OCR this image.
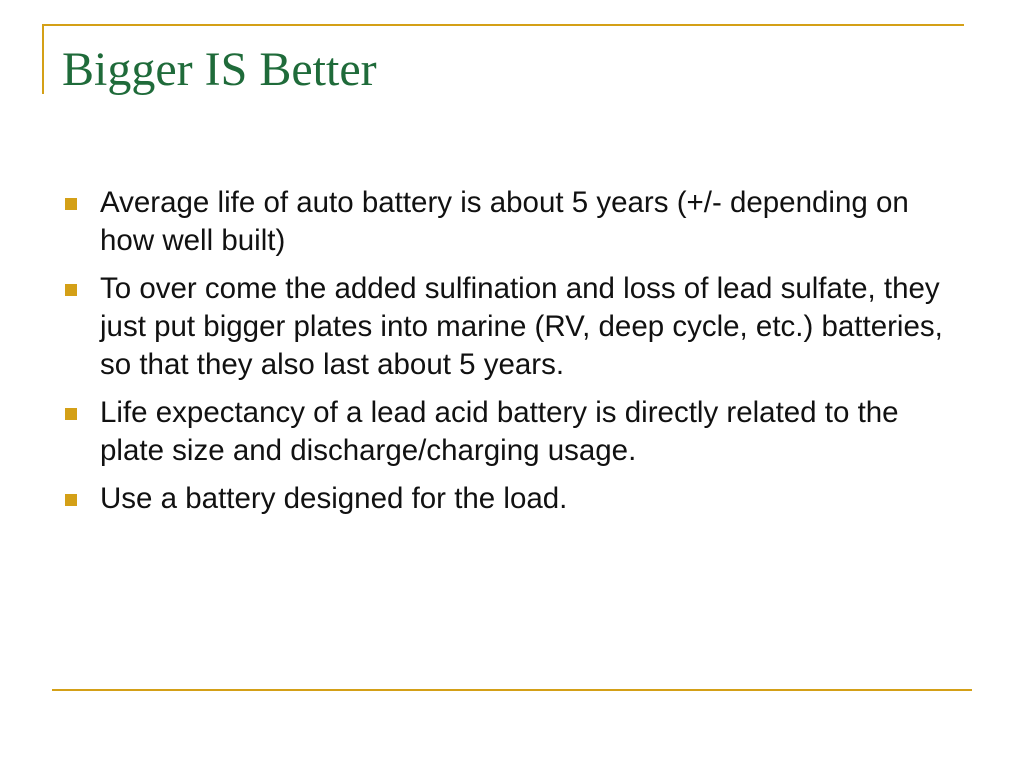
Bigger IS Better
Average life of auto battery is about 5 years (+/- depending on how well built)
To over come the added sulfination and loss of lead sulfate, they just put bigger plates into marine (RV, deep cycle, etc.) batteries, so that they also last about 5 years.
Life expectancy of a lead acid battery is directly related to the plate size and discharge/charging usage.
Use a battery designed for the load.
